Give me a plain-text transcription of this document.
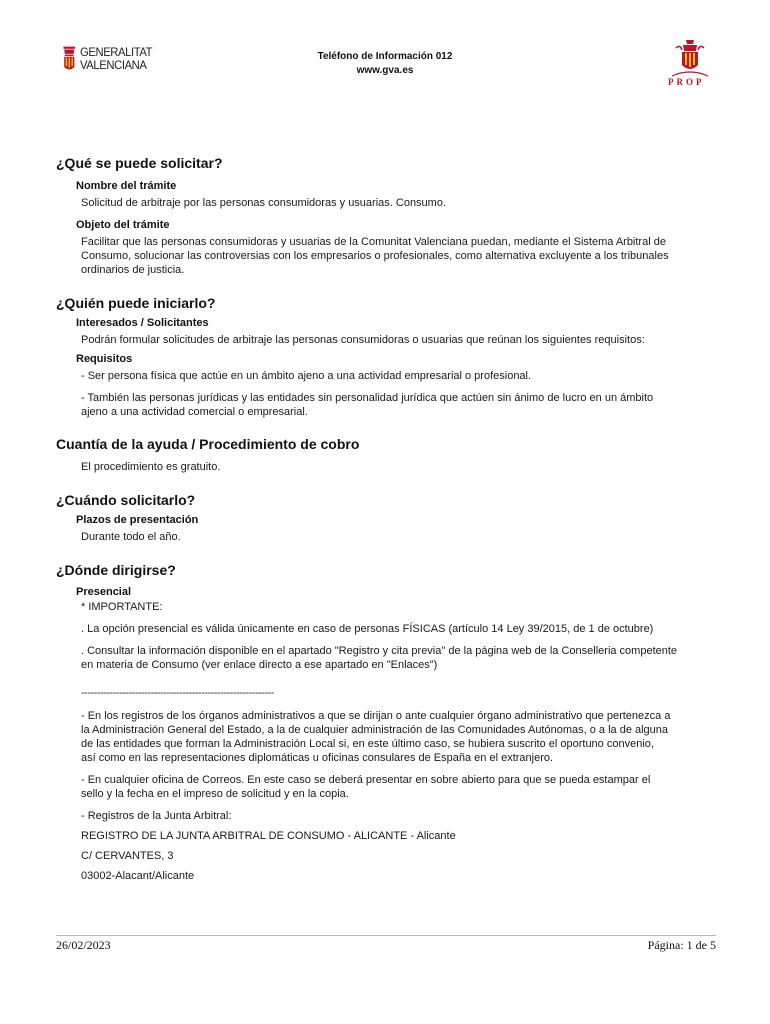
GENERALITAT
VALENCIANA
Teléfono de Información 012
www.gva.es
PROP
¿Qué se puede solicitar?
Nombre del trámite
Solicitud de arbitraje por las personas consumidoras y usuarias. Consumo.
Objeto del trámite
Facilitar que las personas consumidoras y usuarias de la Comunitat Valenciana puedan, mediante el Sistema Arbitral de
Consumo, solucionar las controversias con los empresarios o profesionales, como alternativa excluyente a los tribunales
ordinarios de justicia.
¿Quién puede iniciarlo?
Interesados / Solicitantes
Podrán formular solicitudes de arbitraje las personas consumidoras o usuarias que reúnan los siguientes requisitos:
Requisitos
- Ser persona física que actúe en un ámbito ajeno a una actividad empresarial o profesional.
- También las personas jurídicas y las entidades sin personalidad jurídica que actúen sin ánimo de lucro en un ámbito
ajeno a una actividad comercial o empresarial.
Cuantía de la ayuda / Procedimiento de cobro
El procedimiento es gratuito.
¿Cuándo solicitarlo?
Plazos de presentación
Durante todo el año.
¿Dónde dirigirse?
Presencial
* IMPORTANTE:
. La opción presencial es válida únicamente en caso de personas FÍSICAS (artículo 14 Ley 39/2015, de 1 de octubre)
. Consultar la información disponible en el apartado "Registro y cita previa" de la página web de la Conselleria competente
en materia de Consumo (ver enlace directo a ese apartado en "Enlaces")
-------------------------------------------------------------
- En los registros de los órganos administrativos a que se dirijan o ante cualquier órgano administrativo que pertenezca a
la Administración General del Estado, a la de cualquier administración de las Comunidades Autónomas, o a la de alguna
de las entidades que forman la Administración Local si, en este último caso, se hubiera suscrito el oportuno convenio,
así como en las representaciones diplomáticas u oficinas consulares de España en el extranjero.
- En cualquier oficina de Correos. En este caso se deberá presentar en sobre abierto para que se pueda estampar el
sello y la fecha en el impreso de solicitud y en la copia.
- Registros de la Junta Arbitral:
REGISTRO DE LA JUNTA ARBITRAL DE CONSUMO - ALICANTE - Alicante
C/ CERVANTES, 3
03002-Alacant/Alicante
26/02/2023	Página: 1 de 5
